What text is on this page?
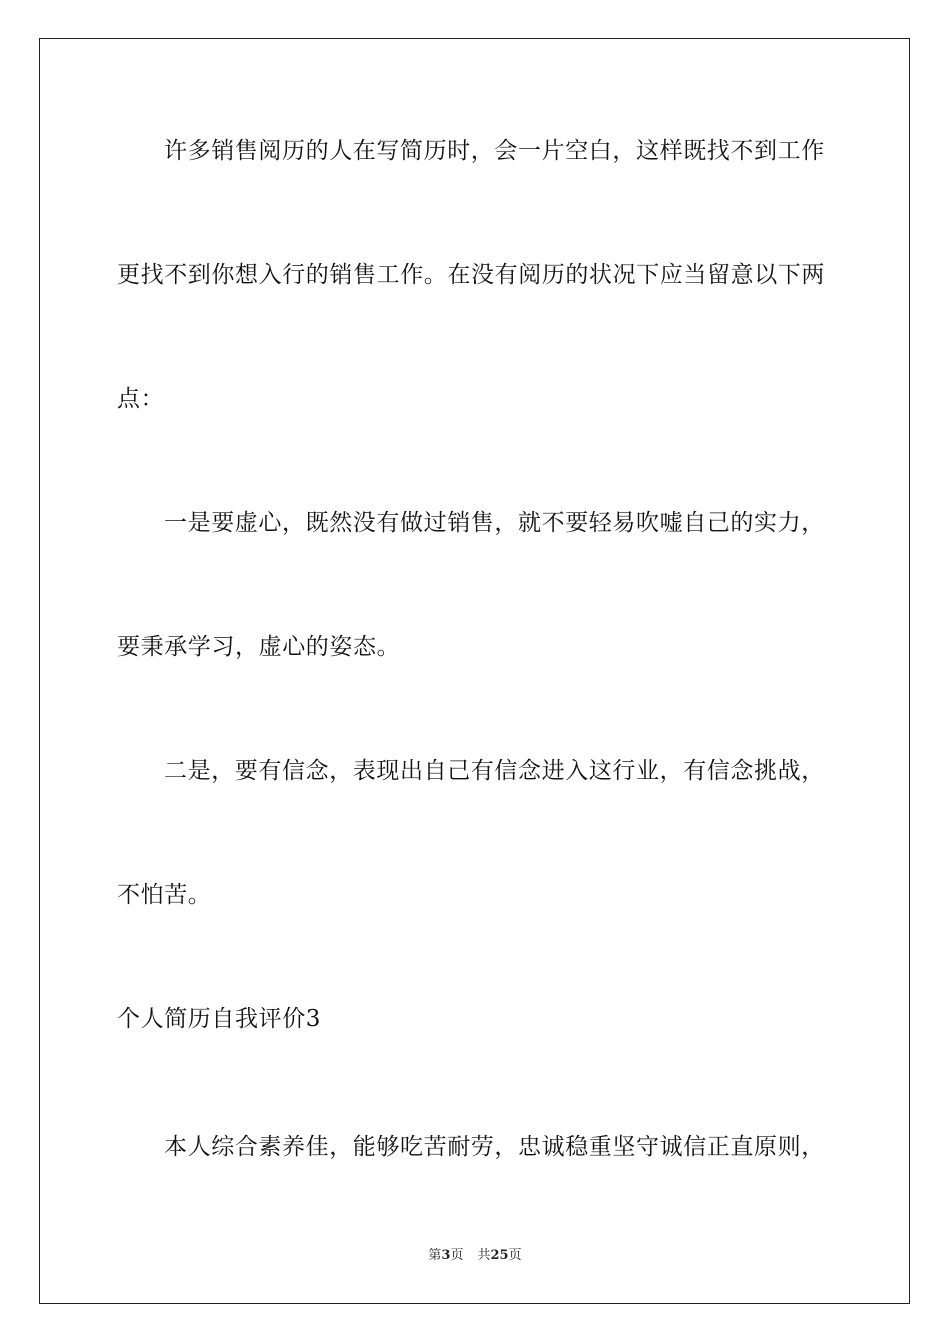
许多销售阅历的人在写简历时，会一片空白，这样既找不到工作
更找不到你想入行的销售工作。在没有阅历的状况下应当留意以下两
点：
一是要虚心，既然没有做过销售，就不要轻易吹嘘自己的实力，
要秉承学习，虚心的姿态。
二是，要有信念，表现出自己有信念进入这行业，有信念挑战，
不怕苦。
个人简历自我评价3
本人综合素养佳，能够吃苦耐劳，忠诚稳重坚守诚信正直原则，
第3页 共25页
